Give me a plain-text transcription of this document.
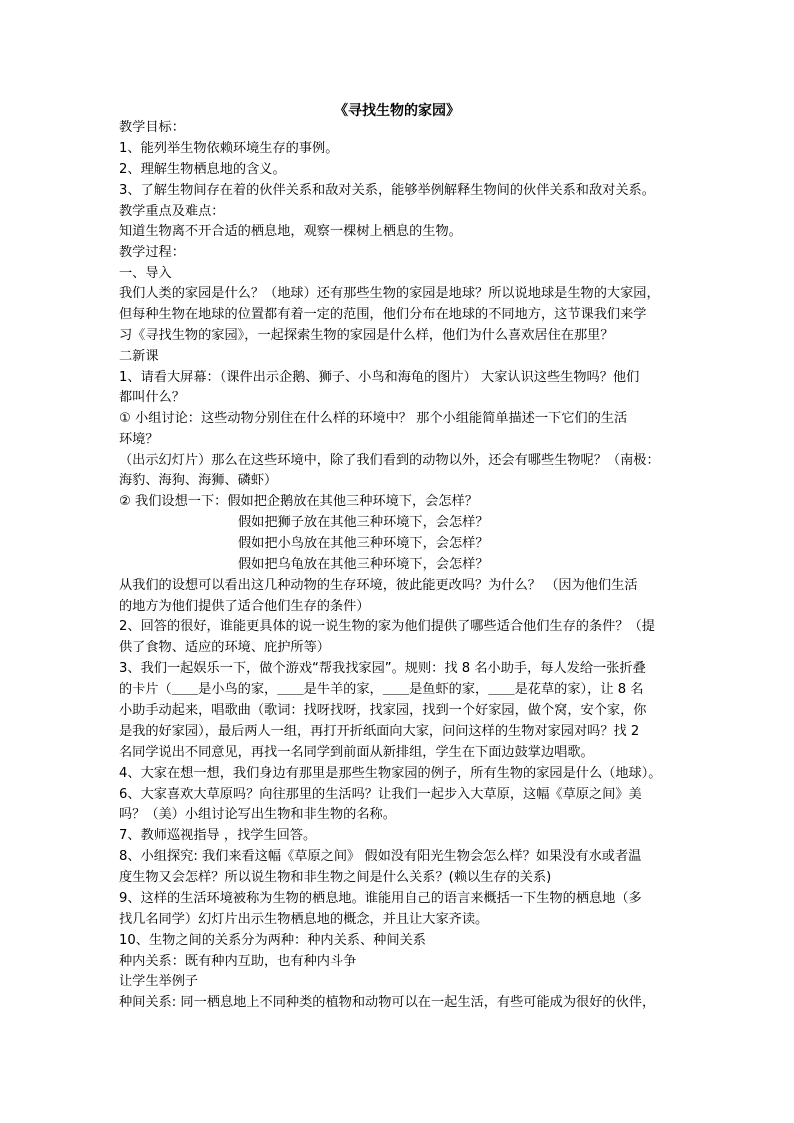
《寻找生物的家园》
教学目标：
1、能列举生物依赖环境生存的事例。
2、理解生物栖息地的含义。
3、了解生物间存在着的伙伴关系和敌对关系，能够举例解释生物间的伙伴关系和敌对关系。
教学重点及难点：
知道生物离不开合适的栖息地，观察一棵树上栖息的生物。
教学过程：
一、导入
我们人类的家园是什么？（地球）还有那些生物的家园是地球？所以说地球是生物的大家园，
但每种生物在地球的位置都有着一定的范围，他们分布在地球的不同地方，这节课我们来学
习《寻找生物的家园》，一起探索生物的家园是什么样，他们为什么喜欢居住在那里？
二新课
1、请看大屏幕：（课件出示企鹅、狮子、小鸟和海龟的图片） 大家认识这些生物吗？他们
都叫什么？
① 小组讨论：这些动物分别住在什么样的环境中？ 那个小组能简单描述一下它们的生活
环境？
（出示幻灯片）那么在这些环境中，除了我们看到的动物以外，还会有哪些生物呢？（南极：
海豹、海狗、海狮、磷虾）
② 我们设想一下：假如把企鹅放在其他三种环境下，会怎样？
假如把狮子放在其他三种环境下，会怎样？
假如把小鸟放在其他三种环境下，会怎样？
假如把乌龟放在其他三种环境下，会怎样？
从我们的设想可以看出这几种动物的生存环境，彼此能更改吗？为什么？ （因为他们生活
的地方为他们提供了适合他们生存的条件）
2、回答的很好，谁能更具体的说一说生物的家为他们提供了哪些适合他们生存的条件？（提
供了食物、适应的环境、庇护所等）
3、我们一起娱乐一下，做个游戏“帮我找家园”。规则：找 8 名小助手，每人发给一张折叠
的卡片（＿＿是小鸟的家，＿＿是牛羊的家，＿＿是鱼虾的家，＿＿是花草的家），让 8 名
小助手动起来，唱歌曲（歌词：找呀找呀，找家园，找到一个好家园，做个窝，安个家，你
是我的好家园），最后两人一组，再打开折纸面向大家，问问这样的生物对家园对吗？找 2
名同学说出不同意见，再找一名同学到前面从新排组，学生在下面边鼓掌边唱歌。
4、大家在想一想，我们身边有那里是那些生物家园的例子，所有生物的家园是什么（地球）。
6、大家喜欢大草原吗？向往那里的生活吗？让我们一起步入大草原，这幅《草原之间》美
吗？（美）小组讨论写出生物和非生物的名称。
7、教师巡视指导 ，找学生回答。
8、小组探究: 我们来看这幅《草原之间》 假如没有阳光生物会怎么样？如果没有水或者温
度生物又会怎样？所以说生物和非生物之间是什么关系？(赖以生存的关系)
9、这样的生活环境被称为生物的栖息地。谁能用自己的语言来概括一下生物的栖息地（多
找几名同学）幻灯片出示生物栖息地的概念，并且让大家齐读。
10、生物之间的关系分为两种：种内关系、种间关系
种内关系：既有种内互助，也有种内斗争
让学生举例子
种间关系: 同一栖息地上不同种类的植物和动物可以在一起生活，有些可能成为很好的伙伴，
